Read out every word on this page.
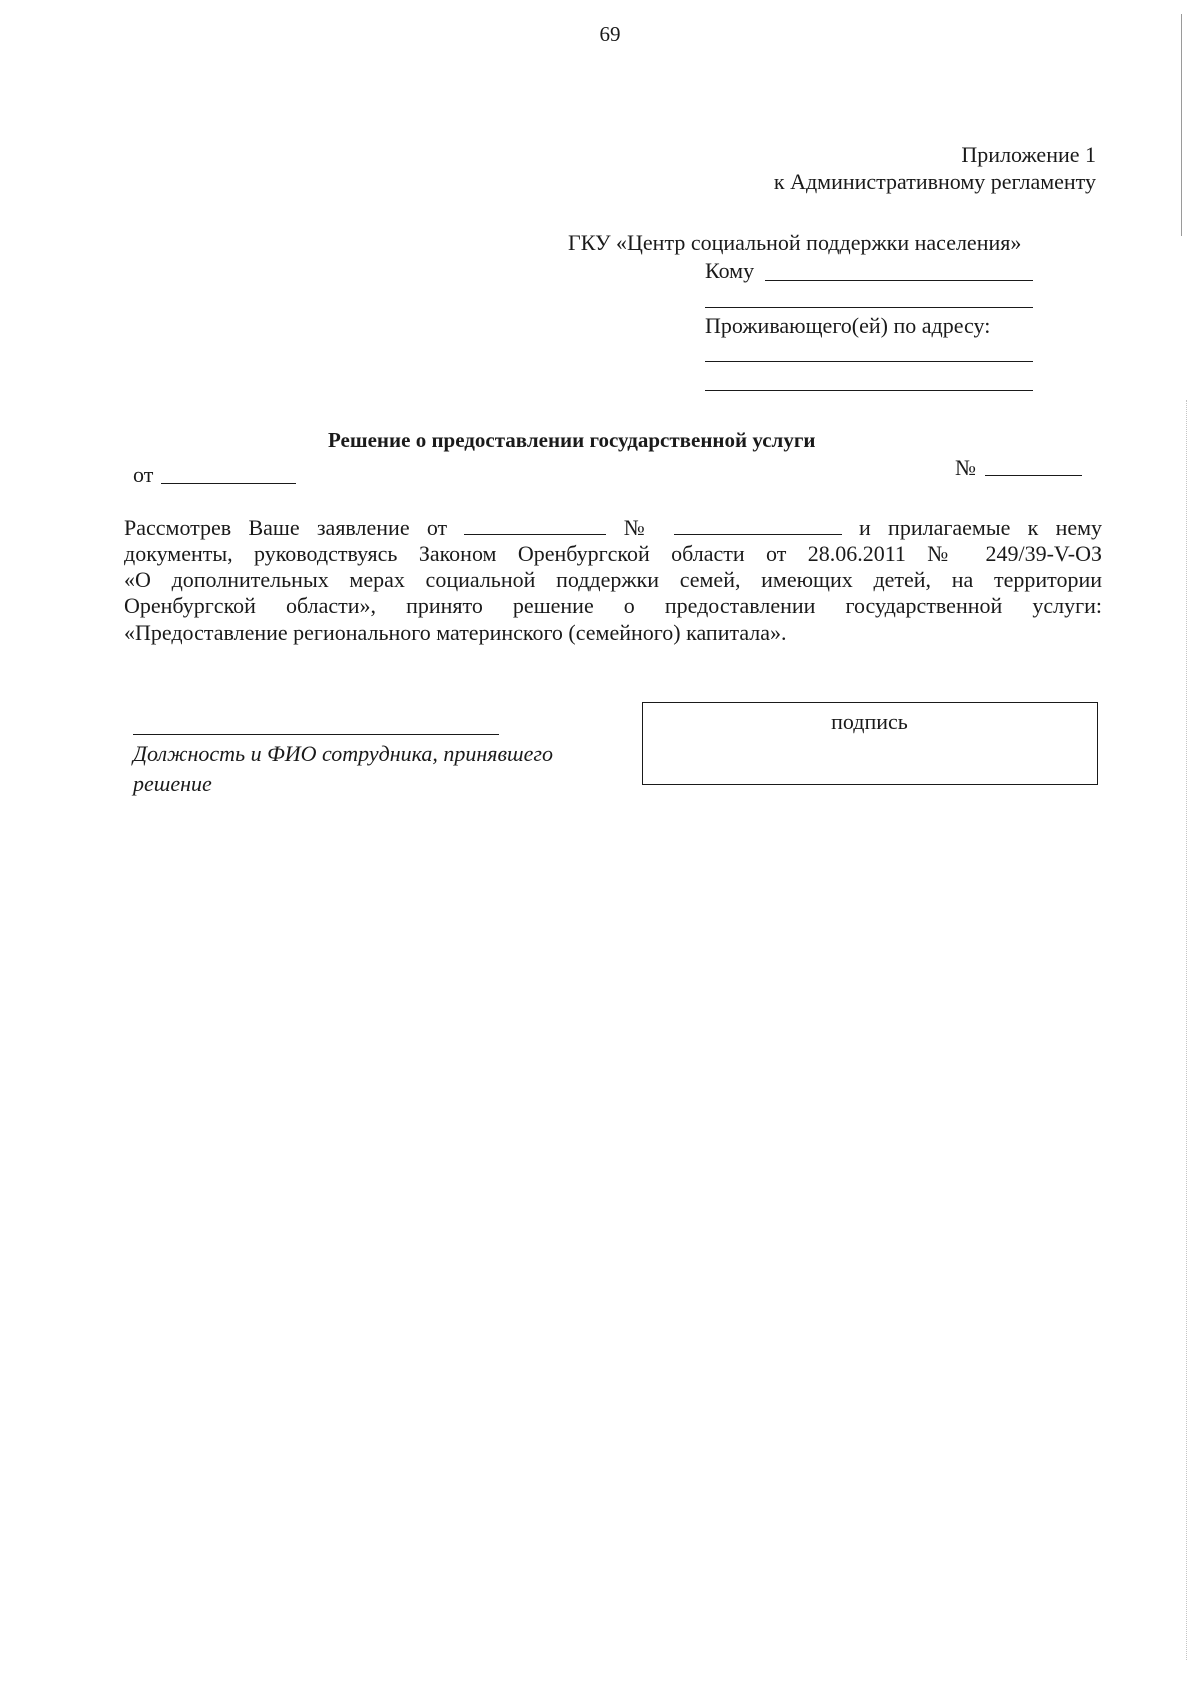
69
Приложение 1
к Административному регламенту
ГКУ «Центр социальной поддержки населения»
Кому
Проживающего(ей) по адресу:
Решение о предоставлении государственной услуги
от	№
Рассмотрев Ваше заявление от	№	и прилагаемые к нему
документы, руководствуясь Законом Оренбургской области от 28.06.2011 № 249/39-V-ОЗ
«О дополнительных мерах социальной поддержки семей, имеющих детей, на территории
Оренбургской области», принято решение о предоставлении государственной услуги:
«Предоставление регионального материнского (семейного) капитала».
Должность и ФИО сотрудника, принявшего
решение
подпись
